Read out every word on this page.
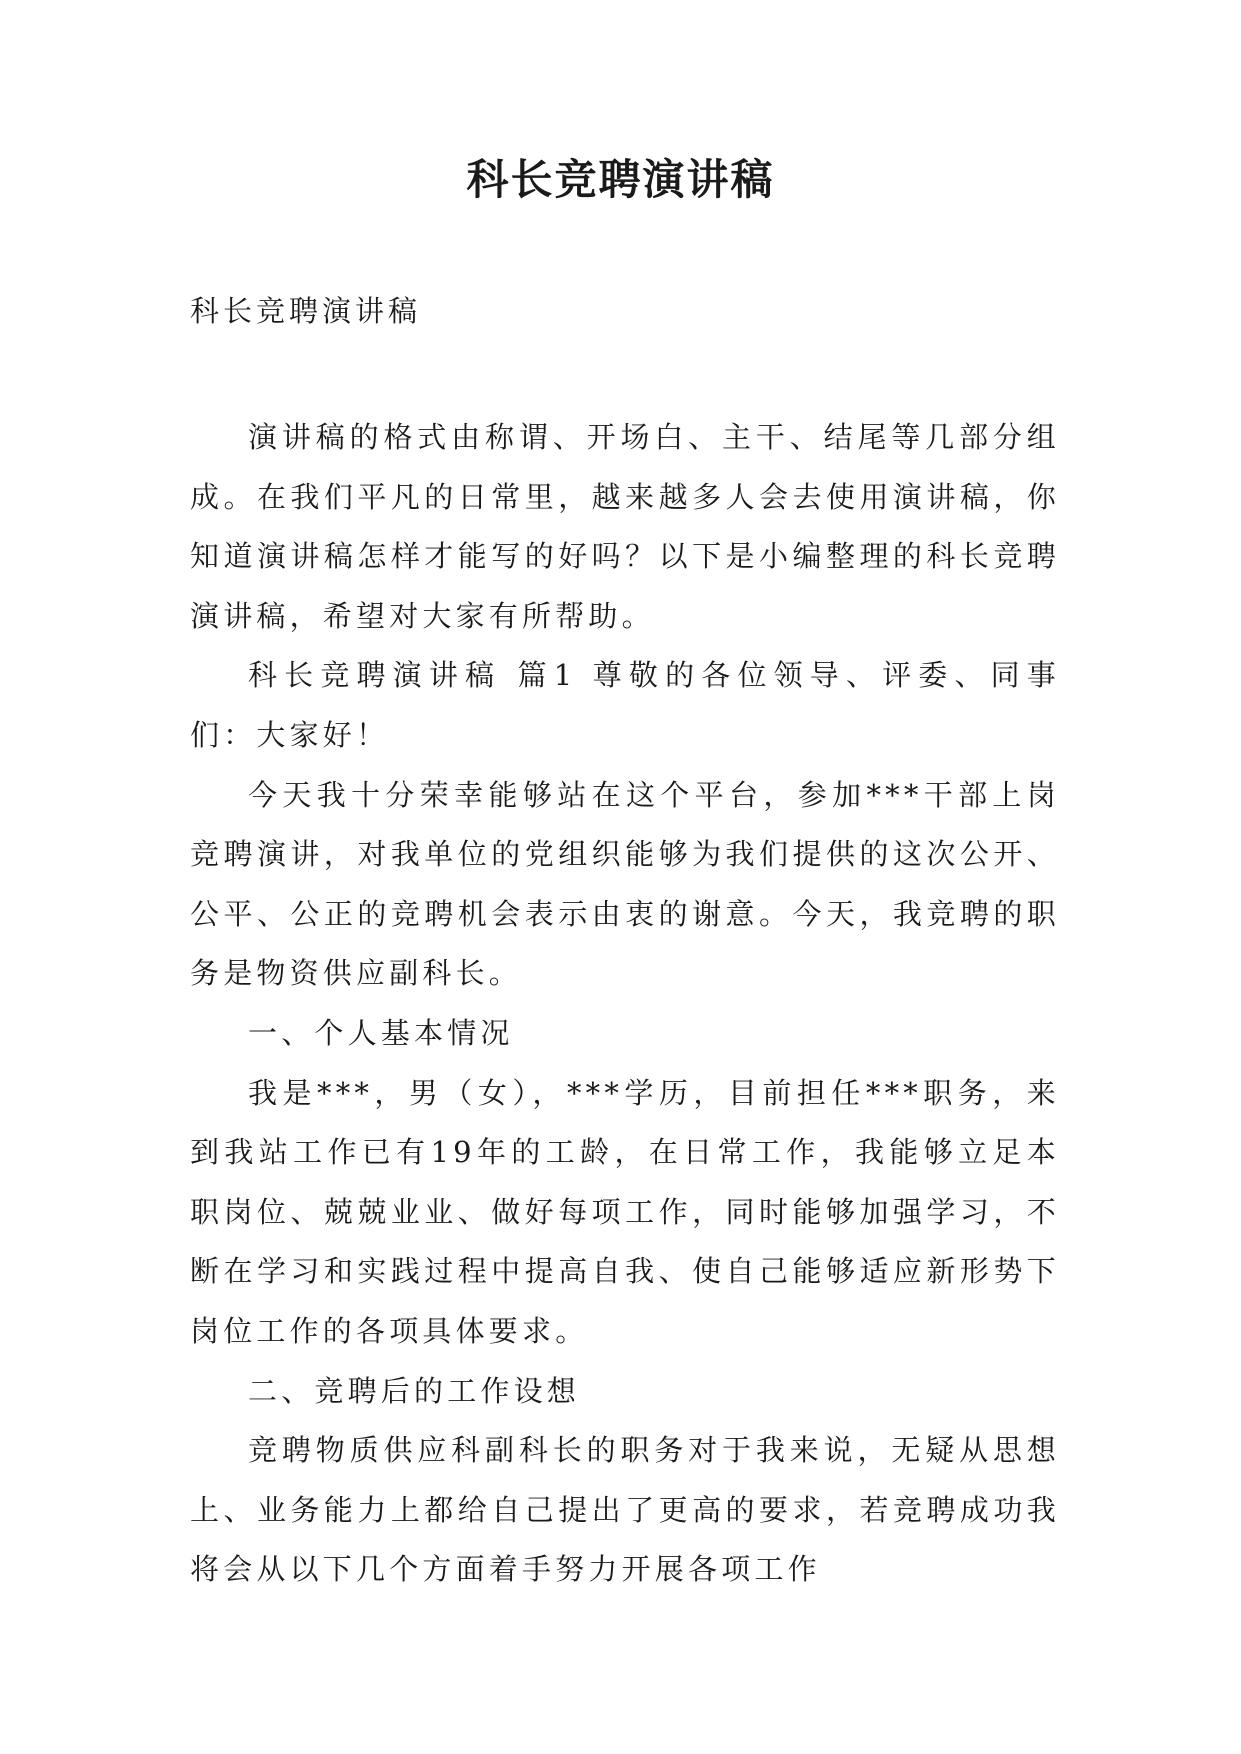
科长竞聘演讲稿

科长竞聘演讲稿

演讲稿的格式由称谓、开场白、主干、结尾等几部分组成。在我们平凡的日常里，越来越多人会去使用演讲稿，你知道演讲稿怎样才能写的好吗？以下是小编整理的科长竞聘演讲稿，希望对大家有所帮助。

科长竞聘演讲稿 篇1 尊敬的各位领导、评委、同事们：大家好！

今天我十分荣幸能够站在这个平台，参加***干部上岗竞聘演讲，对我单位的党组织能够为我们提供的这次公开、公平、公正的竞聘机会表示由衷的谢意。今天，我竞聘的职务是物资供应副科长。

一、个人基本情况

我是***，男（女），***学历，目前担任***职务，来到我站工作已有19年的工龄，在日常工作，我能够立足本职岗位、兢兢业业、做好每项工作，同时能够加强学习，不断在学习和实践过程中提高自我、使自己能够适应新形势下岗位工作的各项具体要求。

二、竞聘后的工作设想

竞聘物质供应科副科长的职务对于我来说，无疑从思想上、业务能力上都给自己提出了更高的要求，若竞聘成功我将会从以下几个方面着手努力开展各项工作
